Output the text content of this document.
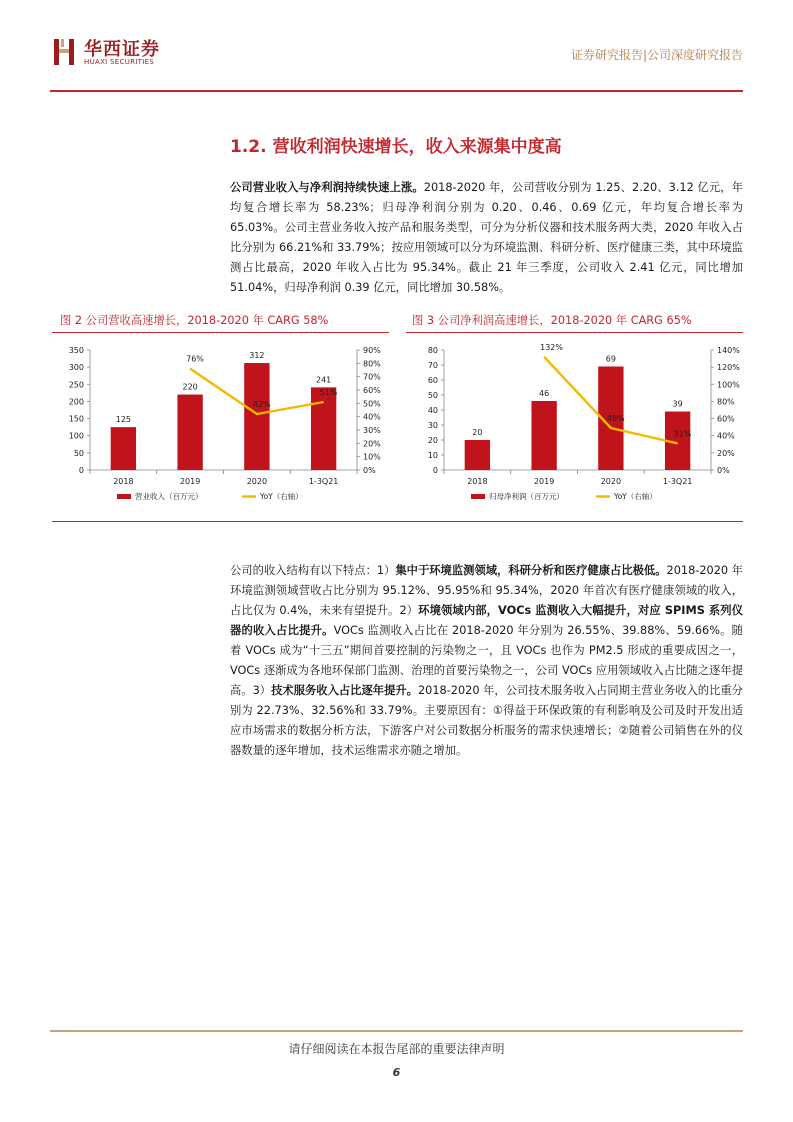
华西证券
HUAXI SECURITIES	证券研究报告|公司深度研究报告
1.2. 营收利润快速增长，收入来源集中度高
公司营业收入与净利润持续快速上涨。2018-2020 年，公司营收分别为 1.25、2.20、3.12 亿元，年均复合增长率为 58.23%；归母净利润分别为 0.20、0.46、0.69 亿元，年均复合增长率为 65.03%。公司主营业务收入按产品和服务类型，可分为分析仪器和技术服务两大类，2020 年收入占比分别为 66.21%和 33.79%；按应用领域可以分为环境监测、科研分析、医疗健康三类，其中环境监测占比最高，2020 年收入占比为 95.34%。截止 21 年三季度，公司收入 2.41 亿元，同比增加 51.04%，归母净利润 0.39 亿元，同比增加 30.58%。
图 2 公司营收高速增长，2018-2020 年 CARG 58%	图 3 公司净利润高速增长，2018-2020 年 CARG 65%
0
50
100
150
200
250
300
350
0%
10%
20%
30%
40%
50%
60%
70%
80%
90%
125
220
312
241
2018	2019	2020	1-3Q21
76%
42%
51%
营业收入（百万元）	YoY（右轴）
0
10
20
30
40
50
60
70
80
0%
20%
40%
60%
80%
100%
120%
140%
20
46
69
39
2018	2019	2020	1-3Q21
132%
49%
31%
归母净利润（百万元）	YoY（右轴）
公司的收入结构有以下特点：1）集中于环境监测领域，科研分析和医疗健康占比极低。2018-2020 年环境监测领域营收占比分别为 95.12%、95.95%和 95.34%，2020 年首次有医疗健康领域的收入，占比仅为 0.4%，未来有望提升。2）环境领域内部，VOCs 监测收入大幅提升，对应 SPIMS 系列仪器的收入占比提升。VOCs 监测收入占比在 2018-2020 年分别为 26.55%、39.88%、59.66%。随着 VOCs 成为“十三五”期间首要控制的污染物之一，且 VOCs 也作为 PM2.5 形成的重要成因之一，VOCs 逐渐成为各地环保部门监测、治理的首要污染物之一，公司 VOCs 应用领域收入占比随之逐年提高。3）技术服务收入占比逐年提升。2018-2020 年，公司技术服务收入占同期主营业务收入的比重分别为 22.73%、32.56%和 33.79%。主要原因有：①得益于环保政策的有利影响及公司及时开发出适应市场需求的数据分析方法，下游客户对公司数据分析服务的需求快速增长；②随着公司销售在外的仪器数量的逐年增加，技术运维需求亦随之增加。
请仔细阅读在本报告尾部的重要法律声明
6
